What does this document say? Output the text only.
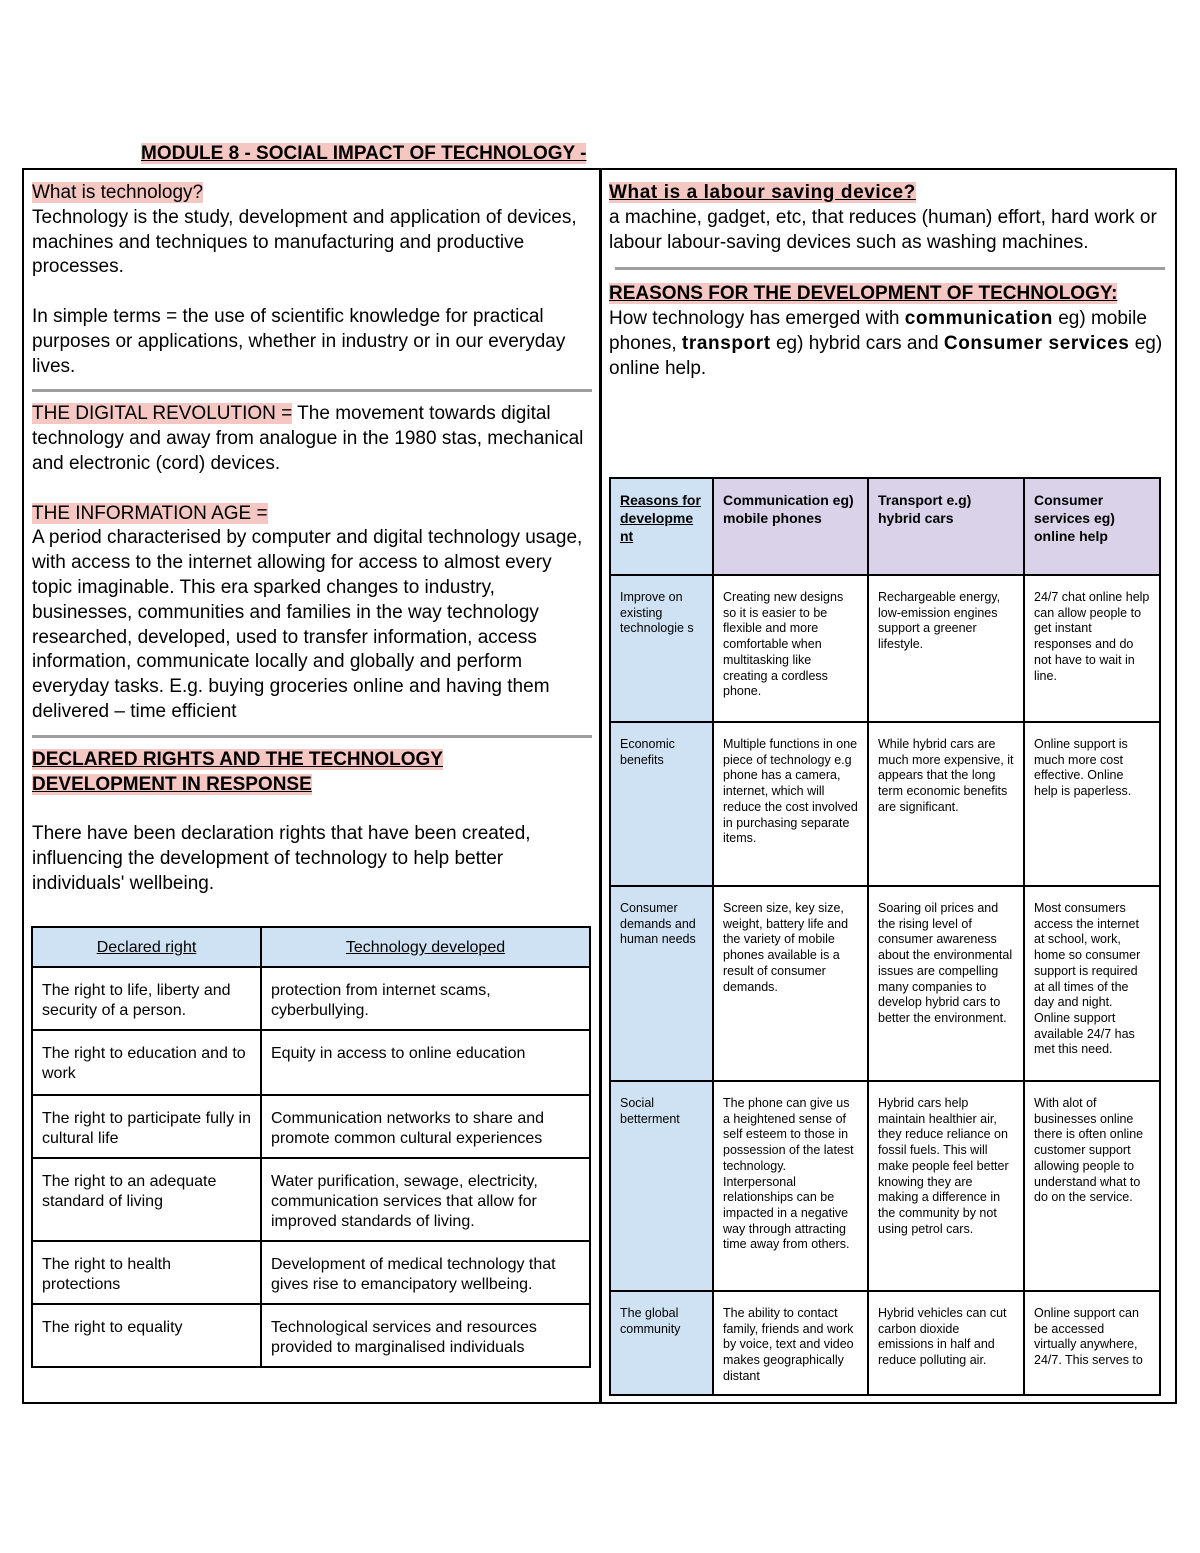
MODULE 8 - SOCIAL IMPACT OF TECHNOLOGY -

What is technology?

Technology is the study, development and application of devices, machines and techniques to manufacturing and productive processes.

In simple terms = the use of scientific knowledge for practical purposes or applications, whether in industry or in our everyday lives.

THE DIGITAL REVOLUTION = The movement towards digital technology and away from analogue in the 1980 stas, mechanical and electronic (cord) devices.

THE INFORMATION AGE =

A period characterised by computer and digital technology usage, with access to the internet allowing for access to almost every topic imaginable. This era sparked changes to industry, businesses, communities and families in the way technology researched, developed, used to transfer information, access information, communicate locally and globally and perform everyday tasks. E.g. buying groceries online and having them delivered – time efficient

DECLARED RIGHTS AND THE TECHNOLOGY DEVELOPMENT IN RESPONSE

There have been declaration rights that have been created, influencing the development of technology to help better individuals' wellbeing.

Declared right	Technology developed
The right to life, liberty and security of a person.	protection from internet scams, cyberbullying.
The right to education and to work	Equity in access to online education
The right to participate fully in cultural life	Communication networks to share and promote common cultural experiences
The right to an adequate standard of living	Water purification, sewage, electricity, communication services that allow for improved standards of living.
The right to health protections	Development of medical technology that gives rise to emancipatory wellbeing.
The right to equality	Technological services and resources provided to marginalised individuals

What is a labour saving device?

a machine, gadget, etc, that reduces (human) effort, hard work or labour labour-saving devices such as washing machines.

REASONS FOR THE DEVELOPMENT OF TECHNOLOGY:

How technology has emerged with communication eg) mobile phones, transport eg) hybrid cars and Consumer services eg) online help.

Reasons for developme nt	Communication eg) mobile phones	Transport e.g) hybrid cars	Consumer services eg) online help
Improve on existing technologie s	Creating new designs so it is easier to be flexible and more comfortable when multitasking like creating a cordless phone.	Rechargeable energy, low-emission engines support a greener lifestyle.	24/7 chat online help can allow people to get instant responses and do not have to wait in line.
Economic benefits	Multiple functions in one piece of technology e.g phone has a camera, internet, which will reduce the cost involved in purchasing separate items.	While hybrid cars are much more expensive, it appears that the long term economic benefits are significant.	Online support is much more cost effective. Online help is paperless.
Consumer demands and human needs	Screen size, key size, weight, battery life and the variety of mobile phones available is a result of consumer demands.	Soaring oil prices and the rising level of consumer awareness about the environmental issues are compelling many companies to develop hybrid cars to better the environment.	Most consumers access the internet at school, work, home so consumer support is required at all times of the day and night. Online support available 24/7 has met this need.
Social betterment	The phone can give us a heightened sense of self esteem to those in possession of the latest technology. Interpersonal relationships can be impacted in a negative way through attracting time away from others.	Hybrid cars help maintain healthier air, they reduce reliance on fossil fuels. This will make people feel better knowing they are making a difference in the community by not using petrol cars.	With alot of businesses online there is often online customer support allowing people to understand what to do on the service.
The global community	The ability to contact family, friends and work by voice, text and video makes geographically distant	Hybrid vehicles can cut carbon dioxide emissions in half and reduce polluting air.	Online support can be accessed virtually anywhere, 24/7. This serves to
